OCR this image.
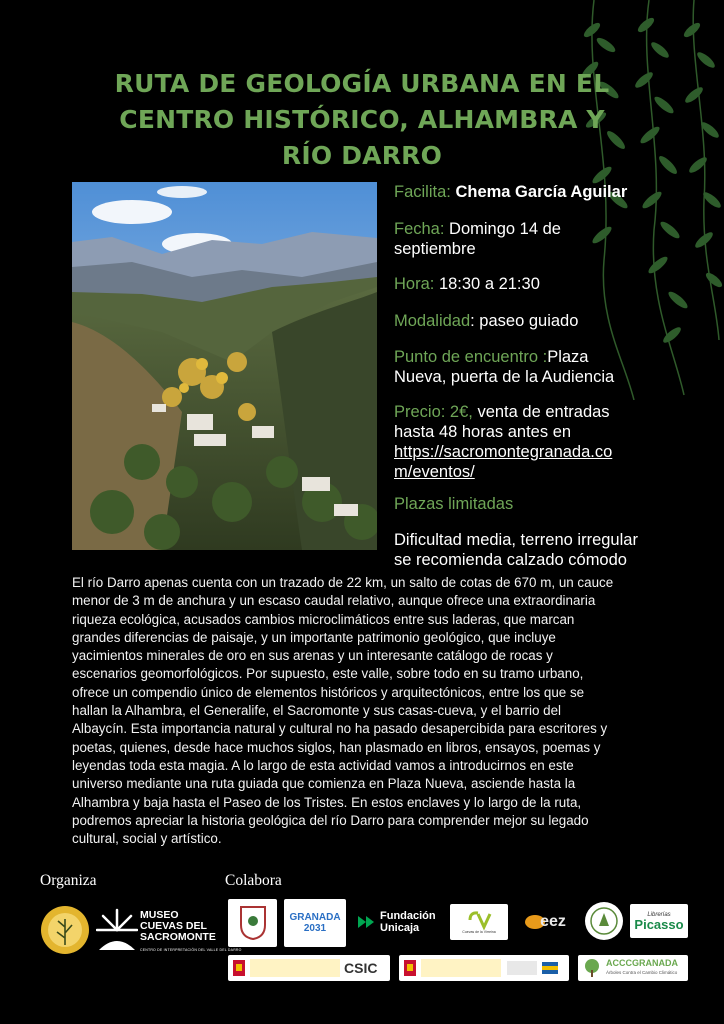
RUTA DE GEOLOGÍA URBANA EN EL
CENTRO HISTÓRICO, ALHAMBRA Y
RÍO DARRO
Facilita: Chema García Aguilar
Fecha: Domingo 14 de
septiembre
Hora: 18:30 a 21:30
Modalidad: paseo guiado
Punto de encuentro :Plaza
Nueva, puerta de la Audiencia
Precio: 2€, venta de entradas
hasta 48 horas antes en
https://sacromontegranada.co
m/eventos/
Plazas limitadas
Dificultad media, terreno irregular
se recomienda calzado cómodo
El río Darro apenas cuenta con un trazado de 22 km, un salto de cotas de 670 m, un cauce
menor de 3 m de anchura y un escaso caudal relativo, aunque ofrece una extraordinaria
riqueza ecológica, acusados cambios microclimáticos entre sus laderas, que marcan
grandes diferencias de paisaje, y un importante patrimonio geológico, que incluye
yacimientos minerales de oro en sus arenas y un interesante catálogo de rocas y
escenarios geomorfológicos. Por supuesto, este valle, sobre todo en su tramo urbano,
ofrece un compendio único de elementos históricos y arquitectónicos, entre los que se
hallan la Alhambra, el Generalife, el Sacromonte y sus casas-cueva, y el barrio del
Albaycín. Esta importancia natural y cultural no ha pasado desapercibida para escritores y
poetas, quienes, desde hace muchos siglos, han plasmado en libros, ensayos, poemas y
leyendas toda esta magia. A lo largo de esta actividad vamos a introducirnos en este
universo mediante una ruta guiada que comienza en Plaza Nueva, asciende hasta la
Alhambra y baja hasta el Paseo de los Tristes. En estos enclaves y lo largo de la ruta,
podremos apreciar la historia geológica del río Darro para comprender mejor su legado
cultural, social y artístico.
Organiza	Colabora
MUSEO
CUEVAS DEL
SACROMONTE
CENTRO DE INTERPRETACIÓN DEL VALLE DEL DARRO
GRANADA 2031
Fundación
Unicaja	Cuevas de la Virreina
eez	Librerías
Picasso
CSIC	ACCCGRANADA
Árboles Contra el Cambio Climático
